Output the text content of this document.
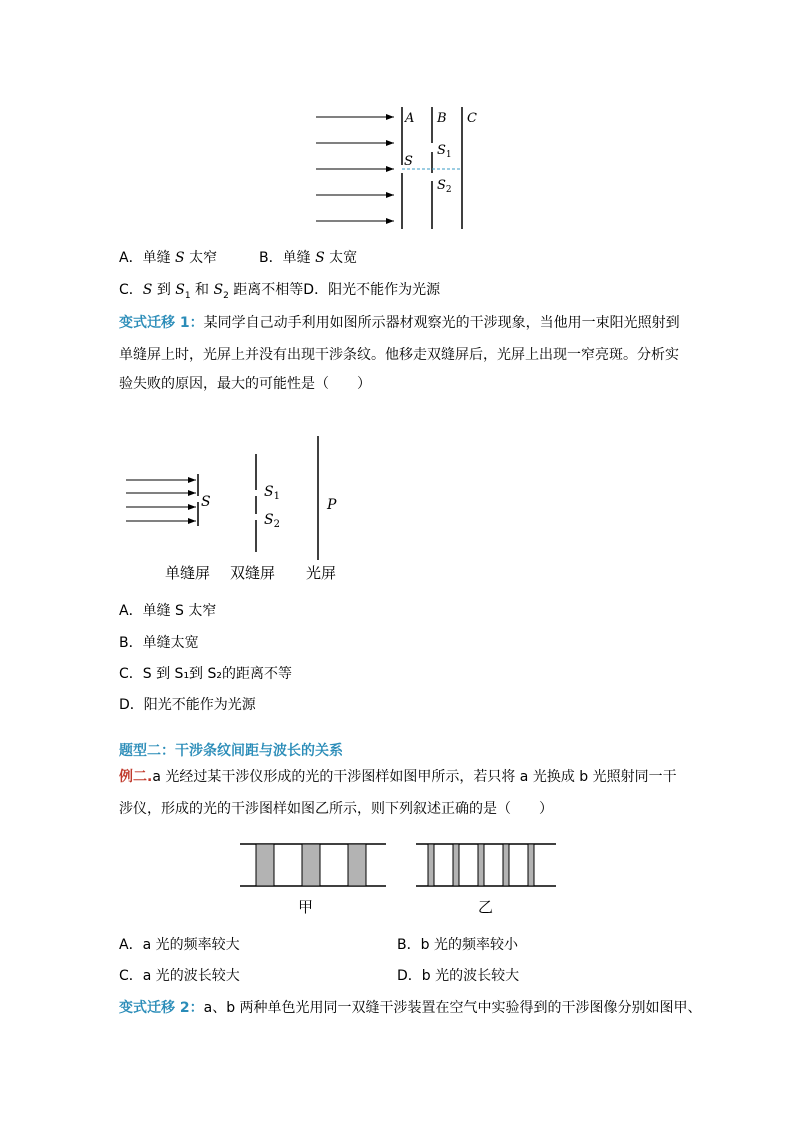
A B C
S
$S_1$
$S_2$
A．单缝 S 太窄	B．单缝 S 太宽
C．S 到 $S_1$ 和 $S_2$ 距离不相等D．阳光不能作为光源
变式迁移 1：某同学自己动手利用如图所示器材观察光的干涉现象，当他用一束阳光照射到
单缝屏上时，光屏上并没有出现干涉条纹。他移走双缝屏后，光屏上出现一窄亮斑。分析实
验失败的原因，最大的可能性是（　　）
S
$S_1$
$S_2$
P
单缝屏 双缝屏 光屏
A．单缝 S 太窄
B．单缝太宽
C．S 到 S₁到 S₂的距离不等
D．阳光不能作为光源
题型二：干涉条纹间距与波长的关系
例二.a 光经过某干涉仪形成的光的干涉图样如图甲所示，若只将 a 光换成 b 光照射同一干
涉仪，形成的光的干涉图样如图乙所示，则下列叙述正确的是（　　）
甲	乙
A．a 光的频率较大	B．b 光的频率较小
C．a 光的波长较大	D．b 光的波长较大
变式迁移 2：a、b 两种单色光用同一双缝干涉装置在空气中实验得到的干涉图像分别如图甲、
